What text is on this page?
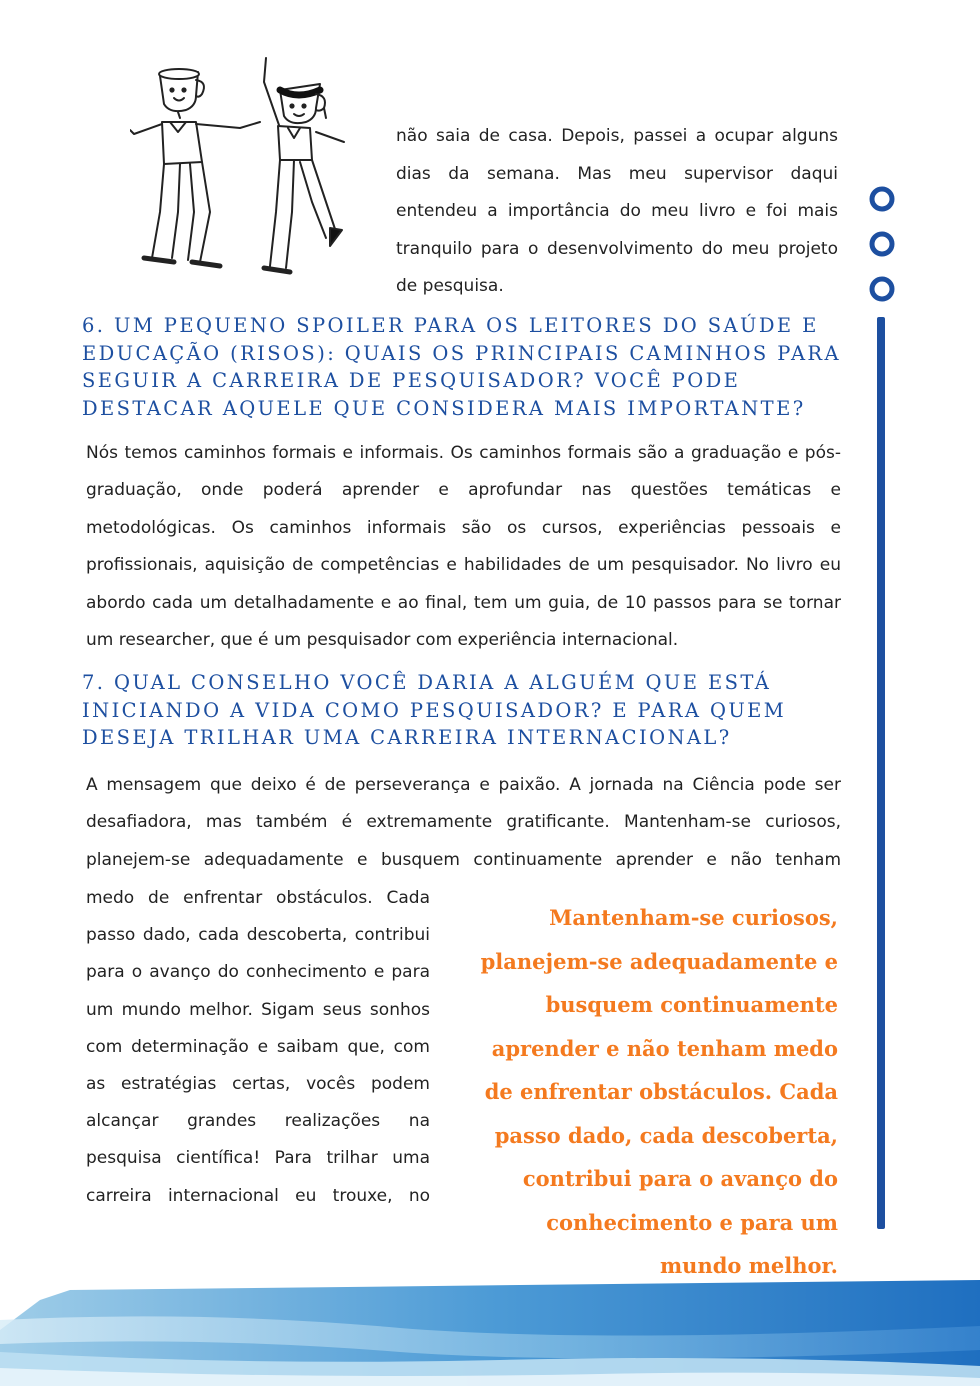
não saia de casa. Depois, passei a ocupar alguns dias da semana. Mas meu supervisor daqui entendeu a importância do meu livro e foi mais tranquilo para o desenvolvimento do meu projeto de pesquisa.

6. UM PEQUENO SPOILER PARA OS LEITORES DO SAÚDE E EDUCAÇÃO (RISOS): QUAIS OS PRINCIPAIS CAMINHOS PARA SEGUIR A CARREIRA DE PESQUISADOR? VOCÊ PODE DESTACAR AQUELE QUE CONSIDERA MAIS IMPORTANTE?

Nós temos caminhos formais e informais. Os caminhos formais são a graduação e pós-graduação, onde poderá aprender e aprofundar nas questões temáticas e metodológicas. Os caminhos informais são os cursos, experiências pessoais e profissionais, aquisição de competências e habilidades de um pesquisador. No livro eu abordo cada um detalhadamente e ao final, tem um guia, de 10 passos para se tornar um researcher, que é um pesquisador com experiência internacional.

7. QUAL CONSELHO VOCÊ DARIA A ALGUÉM QUE ESTÁ INICIANDO A VIDA COMO PESQUISADOR? E PARA QUEM DESEJA TRILHAR UMA CARREIRA INTERNACIONAL?

A mensagem que deixo é de perseverança e paixão. A jornada na Ciência pode ser desafiadora, mas também é extremamente gratificante. Mantenham-se curiosos, planejem-se adequadamente e busquem continuamente aprender e não tenham

medo de enfrentar obstáculos. Cada passo dado, cada descoberta, contribui para o avanço do conhecimento e para um mundo melhor. Sigam seus sonhos com determinação e saibam que, com as estratégias certas, vocês podem alcançar grandes realizações na pesquisa científica! Para trilhar uma carreira internacional eu trouxe, no

Mantenham-se curiosos, planejem-se adequadamente e busquem continuamente aprender e não tenham medo de enfrentar obstáculos. Cada passo dado, cada descoberta, contribui para o avanço do conhecimento e para um mundo melhor.
